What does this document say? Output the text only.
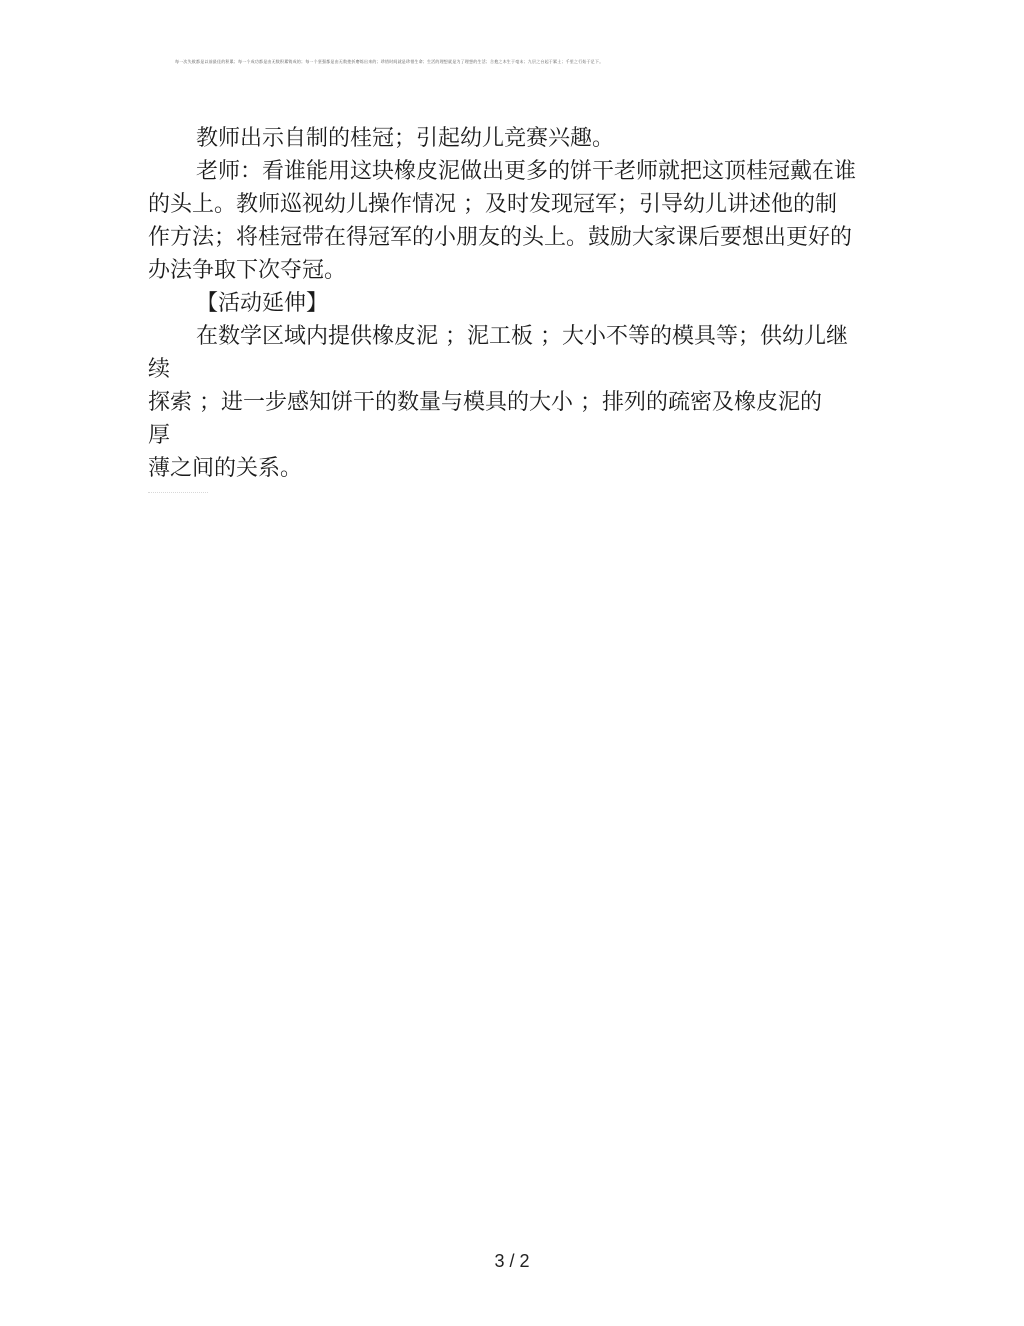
每一次失败都是以前最佳的积累；每一个成功都是由无数积累铸成的；每一个坚强都是由无数挫折磨练出来的；珍惜时间就是珍惜生命；生活的理想就是为了理想的生活；合抱之木生于毫末；九层之台起于累土；千里之行始于足下。

教师出示自制的桂冠；引起幼儿竞赛兴趣。

老师：看谁能用这块橡皮泥做出更多的饼干老师就把这顶桂冠戴在谁的头上。教师巡视幼儿操作情况 ；及时发现冠军；引导幼儿讲述他的制作方法；将桂冠带在得冠军的小朋友的头上。鼓励大家课后要想出更好的办法争取下次夺冠。

【活动延伸】

在数学区域内提供橡皮泥 ；泥工板 ；大小不等的模具等；供幼儿继

续

探索 ；进一步感知饼干的数量与模具的大小 ；排列的疏密及橡皮泥的

厚

薄之间的关系。

3 / 2
